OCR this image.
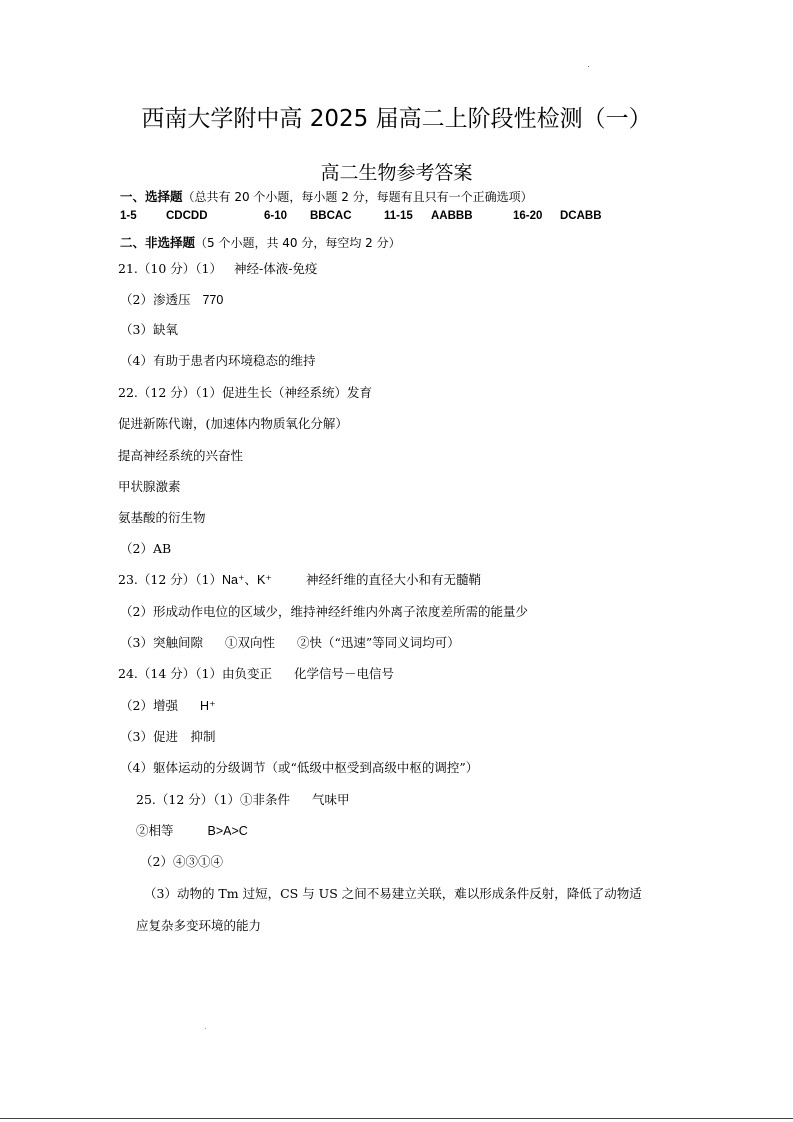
西南大学附中高 2025 届高二上阶段性检测（一）
高二生物参考答案
一、选择题（总共有 20 个小题，每小题 2 分，每题有且只有一个正确选项）
1-5	CDCDD	6-10 BBCAC	11-15 AABBB	16-20 DCABB
二、非选择题（5 个小题，共 40 分，每空均 2 分）
21.（10 分）（1） 神经-体液-免疫
（2）渗透压 770
（3）缺氧
（4）有助于患者内环境稳态的维持
22.（12 分）（1）促进生长（神经系统）发育
促进新陈代谢，(加速体内物质氧化分解）
提高神经系统的兴奋性
甲状腺激素
氨基酸的衍生物
（2）AB
23.（12 分）（1）Na⁺、K⁺	神经纤维的直径大小和有无髓鞘
（2）形成动作电位的区域少，维持神经纤维内外离子浓度差所需的能量少
（3）突触间隙 ①双向性 ②快（“迅速”等同义词均可）
24.（14 分）（1）由负变正 化学信号－电信号
（2）增强 H⁺
（3）促进　抑制
（4）躯体运动的分级调节（或“低级中枢受到高级中枢的调控”）
25.（12 分）（1）①非条件 气味甲
②相等	B>A>C
（2）④③①④
（3）动物的 Tm 过短，CS 与 US 之间不易建立关联，难以形成条件反射，降低了动物适
应复杂多变环境的能力
